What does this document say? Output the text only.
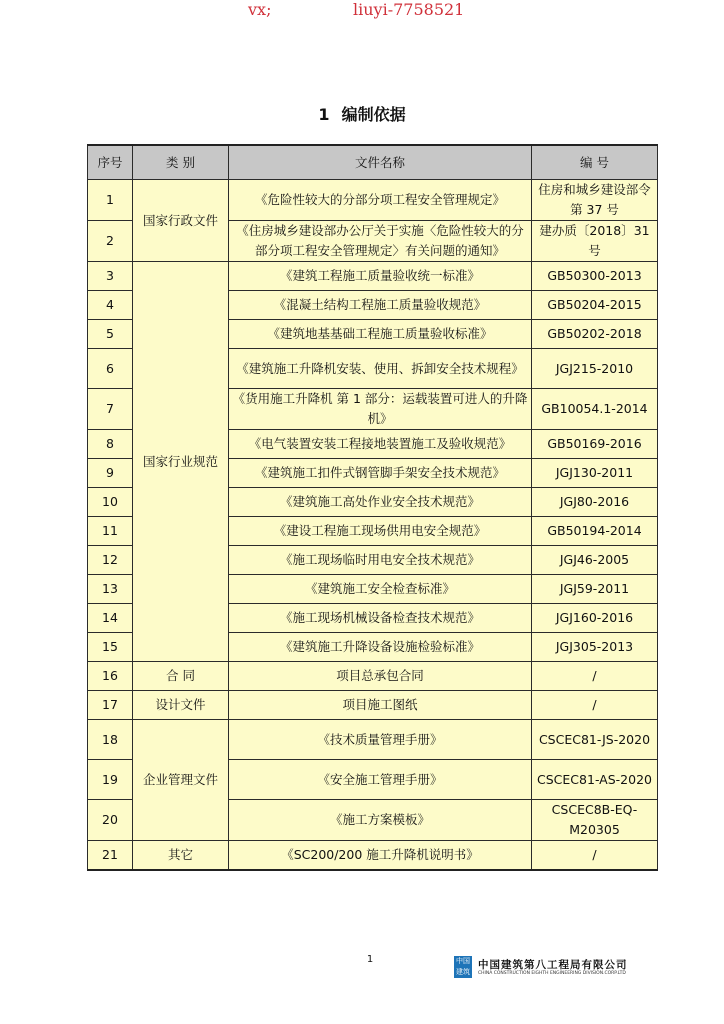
vx;	liuyi-7758521
1 编制依据
序号	类 别	文件名称	编 号
1	国家行政文件	《危险性较大的分部分项工程安全管理规定》	住房和城乡建设部令第 37 号
2		《住房城乡建设部办公厅关于实施〈危险性较大的分部分项工程安全管理规定〉有关问题的通知》	建办质〔2018〕31 号
3	国家行业规范	《建筑工程施工质量验收统一标准》	GB50300-2013
4		《混凝土结构工程施工质量验收规范》	GB50204-2015
5		《建筑地基基础工程施工质量验收标准》	GB50202-2018
6		《建筑施工升降机安装、使用、拆卸安全技术规程》	JGJ215-2010
7		《货用施工升降机 第 1 部分：运载装置可进人的升降机》	GB10054.1-2014
8		《电气装置安装工程接地装置施工及验收规范》	GB50169-2016
9		《建筑施工扣件式钢管脚手架安全技术规范》	JGJ130-2011
10		《建筑施工高处作业安全技术规范》	JGJ80-2016
11		《建设工程施工现场供用电安全规范》	GB50194-2014
12		《施工现场临时用电安全技术规范》	JGJ46-2005
13		《建筑施工安全检查标准》	JGJ59-2011
14		《施工现场机械设备检查技术规范》	JGJ160-2016
15		《建筑施工升降设备设施检验标准》	JGJ305-2013
16	合 同	项目总承包合同	/
17	设计文件	项目施工图纸	/
18	企业管理文件	《技术质量管理手册》	CSCEC81-JS-2020
19		《安全施工管理手册》	CSCEC81-AS-2020
20		《施工方案模板》	CSCEC8B-EQ-M20305
21	其它	《SC200/200 施工升降机说明书》	/
1	中国建筑
中国建筑第八工程局有限公司
CHINA CONSTRUCTION EIGHTH ENGINEERING DIVISION.CORP.LTD
